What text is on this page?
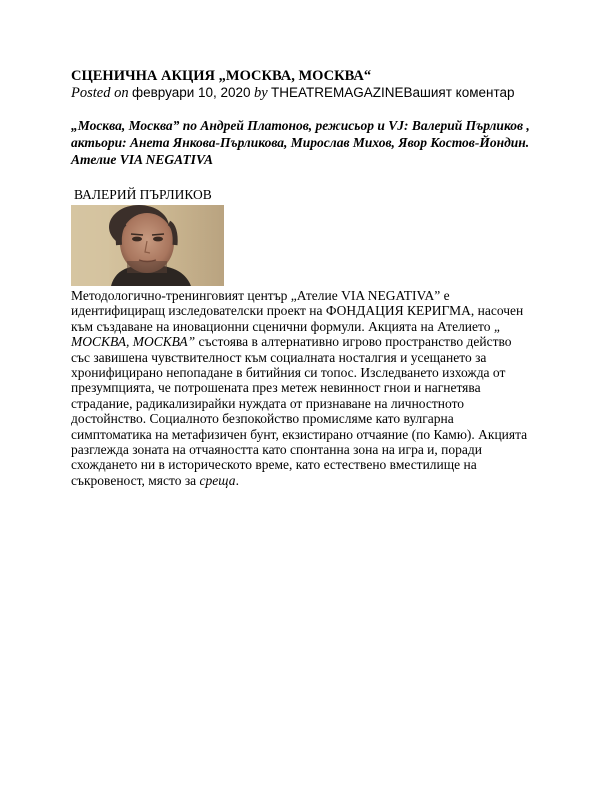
СЦЕНИЧНА АКЦИЯ „МОСКВА, МОСКВА“

Posted on февруари 10, 2020 by THEATREMAGAZINEВашият коментар

„Москва, Москва” по Андрей Платонов, режисьор и VJ: Валерий Пърликов , актьори: Анета Янкова-Пърликова, Мирослав Михов, Явор Костов-Йондин. Ателие VIA NEGATIVA

ВАЛЕРИЙ ПЪРЛИКОВ

Методологично-тренинговият център „Ателие VIA NEGATIVA” е идентифициращ изследователски проект на ФОНДАЦИЯ КЕРИГМА, насочен към създаване на иновационни сценични формули. Акцията на Ателието „ МОСКВА, МОСКВА” състоява в алтернативно игрово пространство действо със завишена чувствителност към социалната носталгия и усещането за хронифицирано непопадане в битийния си топос. Изследването изхожда от презумпцията, че потрошената през метеж невинност гнои и нагнетява страдание, радикализирайки нуждата от признаване на личностното достойнство. Социалното безпокойство промисляме като вулгарна симптоматика на метафизичен бунт, екзистирано отчаяние (по Камю). Акцията разглежда зоната на отчаяността като спонтанна зона на игра и, поради схождането ни в историческото време, като естествено вместилище на съкровеност, място за среща.
